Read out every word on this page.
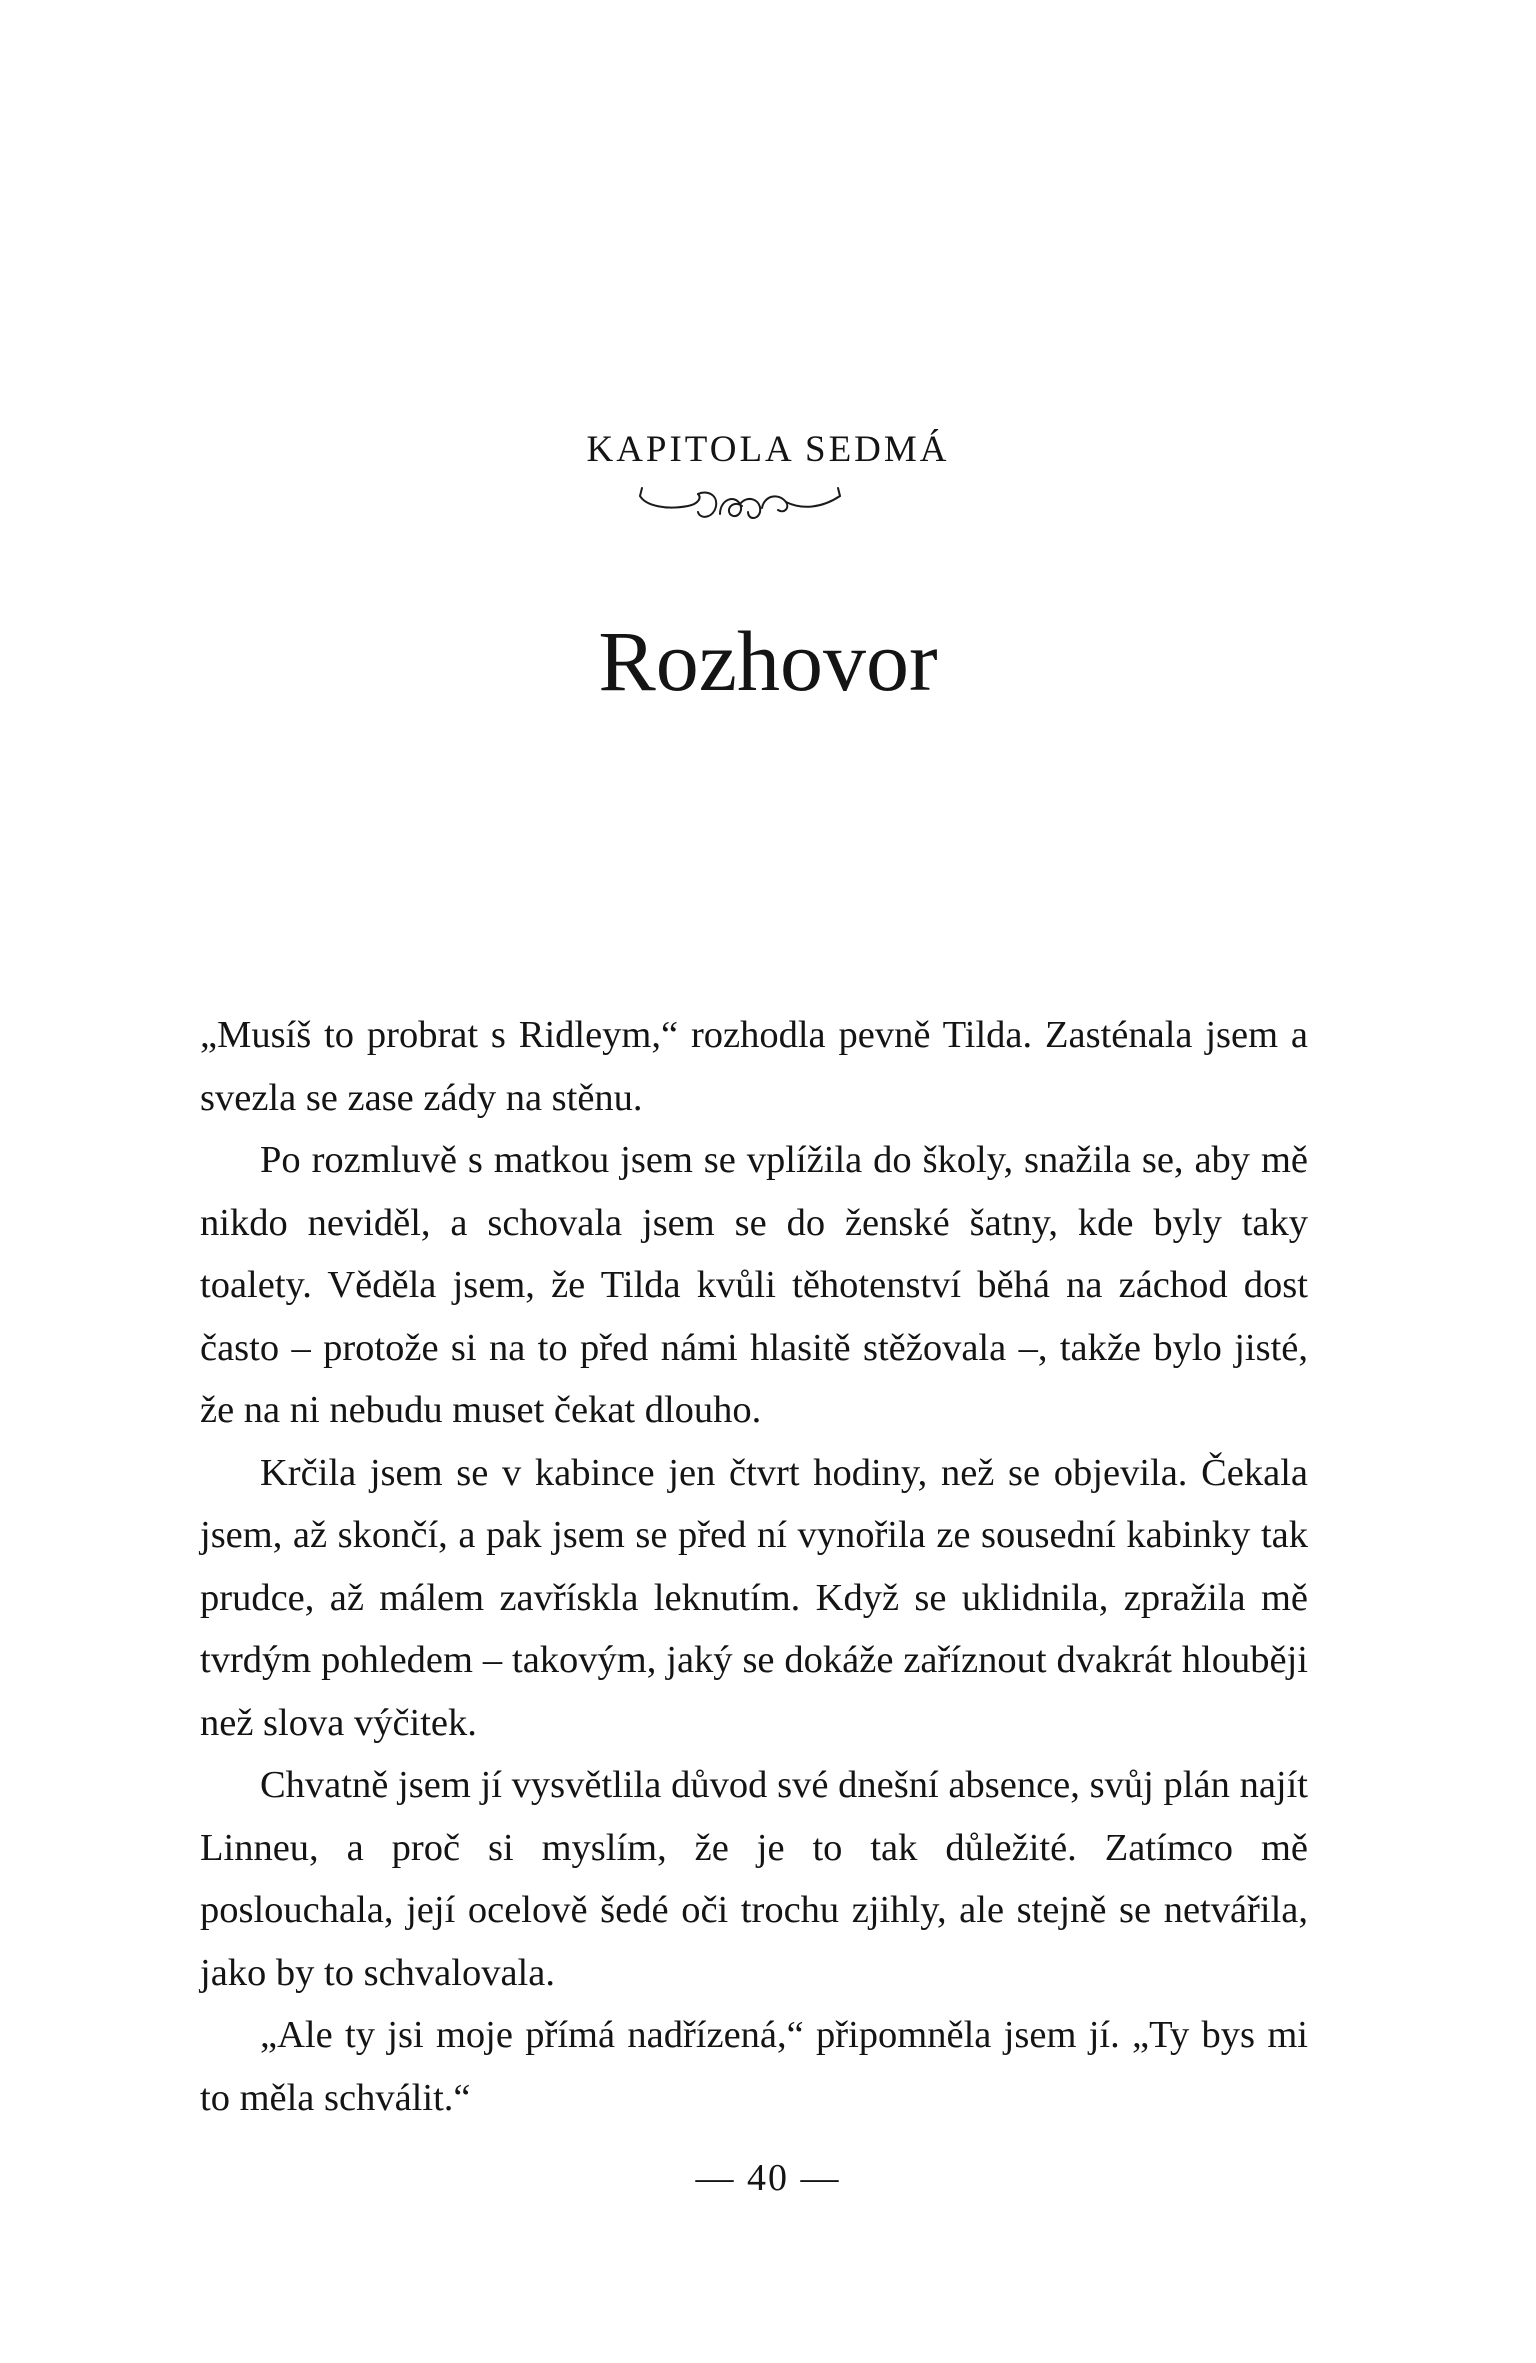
KAPITOLA SEDMÁ
Rozhovor

„Musíš to probrat s Ridleym,“ rozhodla pevně Tilda. Zasténala jsem a svezla se zase zády na stěnu.

Po rozmluvě s matkou jsem se vplížila do školy, snažila se, aby mě nikdo neviděl, a schovala jsem se do ženské šatny, kde byly taky toalety. Věděla jsem, že Tilda kvůli těhotenství běhá na záchod dost často – protože si na to před námi hlasitě stěžovala –, takže bylo jisté, že na ni nebudu muset čekat dlouho.

Krčila jsem se v kabince jen čtvrt hodiny, než se objevila. Čekala jsem, až skončí, a pak jsem se před ní vynořila ze sousední kabinky tak prudce, až málem zavřískla leknutím. Když se uklidnila, zpražila mě tvrdým pohledem – takovým, jaký se dokáže zaříznout dvakrát hlouběji než slova výčitek.

Chvatně jsem jí vysvětlila důvod své dnešní absence, svůj plán najít Linneu, a proč si myslím, že je to tak důležité. Zatímco mě poslouchala, její ocelově šedé oči trochu zjihly, ale stejně se netvářila, jako by to schvalovala.

„Ale ty jsi moje přímá nadřízená,“ připomněla jsem jí. „Ty bys mi to měla schválit.“

— 40 —
